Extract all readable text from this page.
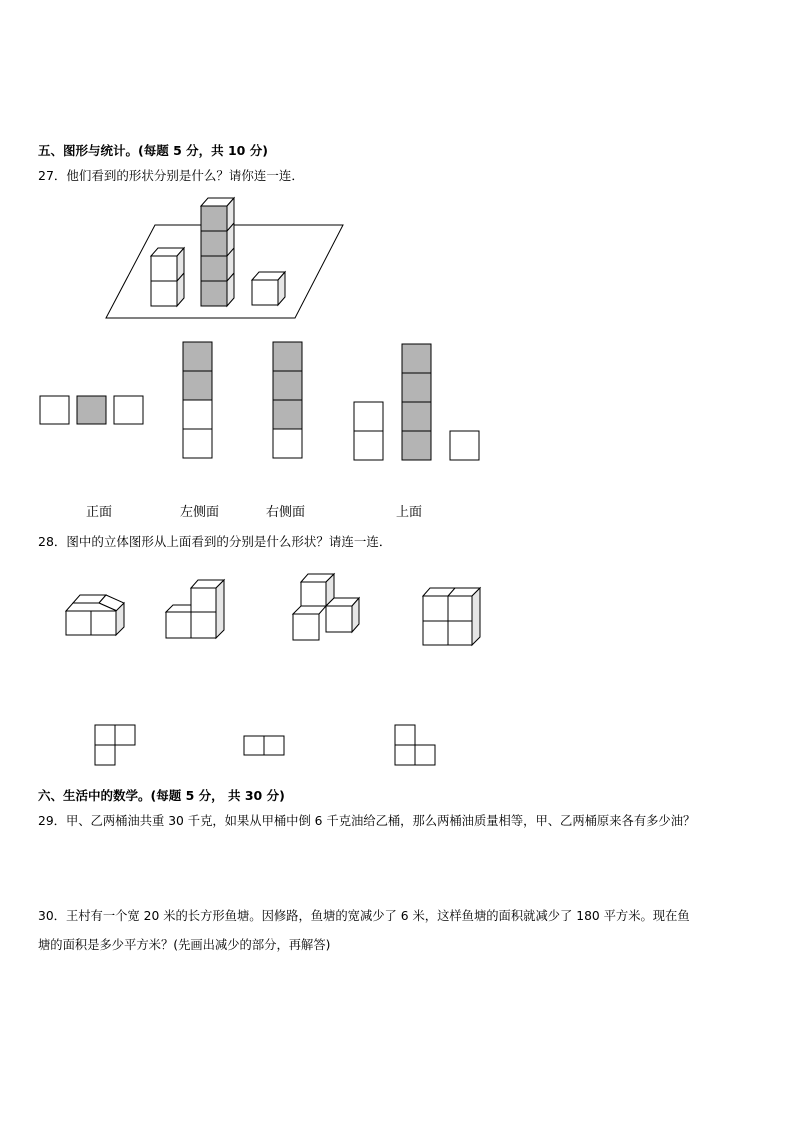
五、图形与统计。(每题 5 分，共 10 分)
27．他们看到的形状分别是什么？请你连一连．
正面	左侧面	右侧面	上面
28．图中的立体图形从上面看到的分别是什么形状？请连一连．
六、生活中的数学。(每题 5 分， 共 30 分)
29．甲、乙两桶油共重 30 千克，如果从甲桶中倒 6 千克油给乙桶，那么两桶油质量相等，甲、乙两桶原来各有多少油？
30．王村有一个宽 20 米的长方形鱼塘。因修路，鱼塘的宽减少了 6 米，这样鱼塘的面积就减少了 180 平方米。现在鱼
塘的面积是多少平方米？(先画出减少的部分，再解答)
